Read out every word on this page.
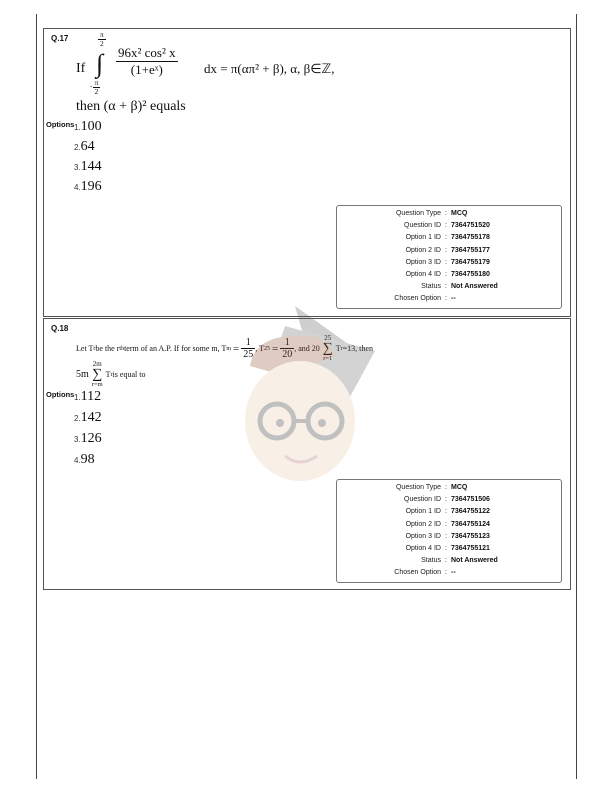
Q.17
If ∫
$\frac{\pi}{2}$
- $\frac{\pi}{2}$
$\frac{\text{96x² cos² x}}{\text{(1+eˣ)}}$ dx = π(απ² + β), α, β∈ℤ,
then (α + β)² equals
Options 1.100
2.64
3.144
4.196
Question Type : MCQ
Question ID : 7364751520
Option 1 ID : 7364755178
Option 2 ID : 7364755177
Option 3 ID : 7364755179
Option 4 ID : 7364755180
Status : Not Answered
Chosen Option : --
Q.18
Let T r be the r th term of an A.P. If for some m, T $m = \frac{1}{25}$ , T $25 = \frac{1}{20}$ , and 20
25
∑
r=1
T r =13, then
5m
2m
∑
r=m
T r is equal to
Options 1.112
2.142
3.126
4.98
Question Type : MCQ
Question ID : 7364751506
Option 1 ID : 7364755122
Option 2 ID : 7364755124
Option 3 ID : 7364755123
Option 4 ID : 7364755121
Status : Not Answered
Chosen Option : --
